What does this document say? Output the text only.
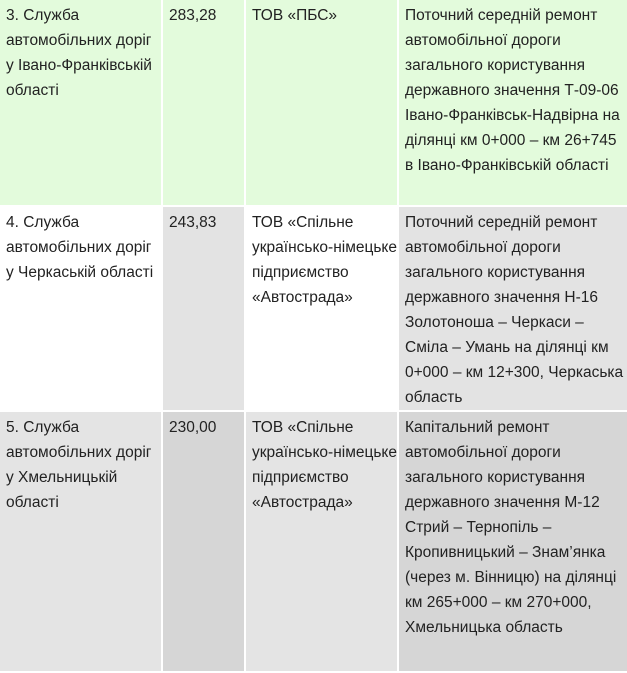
3. Служба автомобільних доріг у Івано-Франківській області	283,28	ТОВ «ПБС»	Поточний середній ремонт автомобільної дороги загального користування державного значення Т-09-06 Івано-Франківськ-Надвірна на ділянці км 0+000 – км 26+745 в Івано-Франківській області
4. Служба автомобільних доріг у Черкаській області	243,83	ТОВ «Спільне українсько-німецьке підприємство «Автострада»	Поточний середній ремонт автомобільної дороги загального користування державного значення Н-16 Золотоноша – Черкаси – Сміла – Умань на ділянці км 0+000 – км 12+300, Черкаська область
5. Служба автомобільних доріг у Хмельницькій області	230,00	ТОВ «Спільне українсько-німецьке підприємство «Автострада»	Капітальний ремонт автомобільної дороги загального користування державного значення М-12 Стрий – Тернопіль – Кропивницький – Знам’янка (через м. Вінницю) на ділянці км 265+000 – км 270+000, Хмельницька область
